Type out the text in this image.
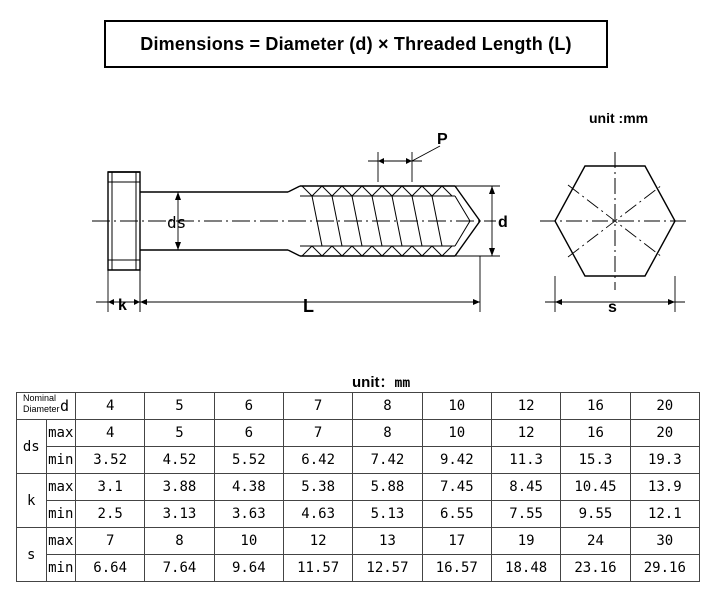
Dimensions = Diameter (d) × Threaded Length (L)
unit :mm
ds
P
d
k	L	s
unit：mm
Nominal
Diameter d		4	5	6	7	8	10	12	16	20
ds	max	4	5	6	7	8	10	12	16	20
	min	3.52	4.52	5.52	6.42	7.42	9.42	11.3	15.3	19.3
k	max	3.1	3.88	4.38	5.38	5.88	7.45	8.45	10.45	13.9
	min	2.5	3.13	3.63	4.63	5.13	6.55	7.55	9.55	12.1
s	max	7	8	10	12	13	17	19	24	30
	min	6.64	7.64	9.64	11.57	12.57	16.57	18.48	23.16	29.16
